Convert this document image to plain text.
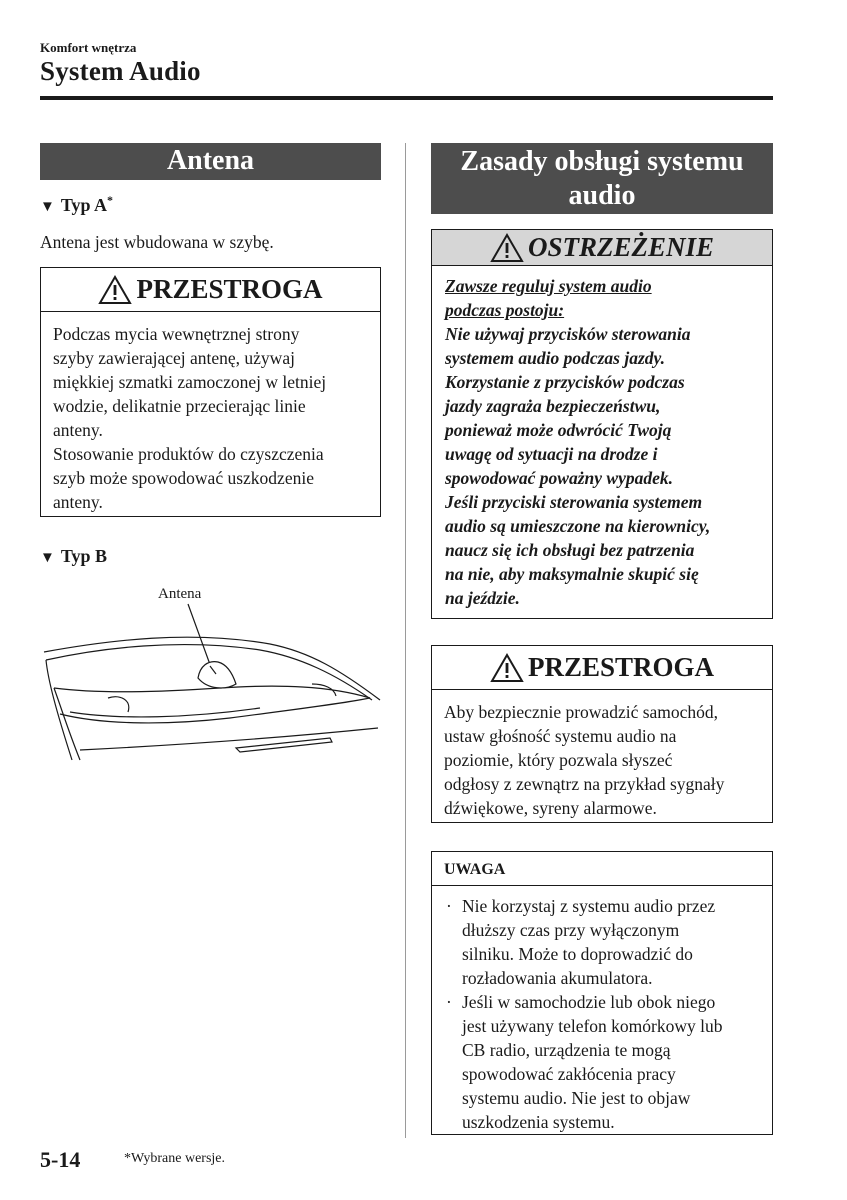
Komfort wnętrza
System Audio
Antena
▼ Typ A*
Antena jest wbudowana w szybę.
PRZESTROGA
Podczas mycia wewnętrznej strony
szyby zawierającej antenę, używaj
miękkiej szmatki zamoczonej w letniej
wodzie, delikatnie przecierając linie
anteny.
Stosowanie produktów do czyszczenia
szyb może spowodować uszkodzenie
anteny.
▼ Typ B
Antena
Zasady obsługi systemu
audio
OSTRZEŻENIE
Zawsze reguluj system audio
podczas postoju:
Nie używaj przycisków sterowania
systemem audio podczas jazdy.
Korzystanie z przycisków podczas
jazdy zagraża bezpieczeństwu,
ponieważ może odwrócić Twoją
uwagę od sytuacji na drodze i
spowodować poważny wypadek.
Jeśli przyciski sterowania systemem
audio są umieszczone na kierownicy,
naucz się ich obsługi bez patrzenia
na nie, aby maksymalnie skupić się
na jeździe.
PRZESTROGA
Aby bezpiecznie prowadzić samochód,
ustaw głośność systemu audio na
poziomie, który pozwala słyszeć
odgłosy z zewnątrz na przykład sygnały
dźwiękowe, syreny alarmowe.
UWAGA
· Nie korzystaj z systemu audio przez
dłuższy czas przy wyłączonym
silniku. Może to doprowadzić do
rozładowania akumulatora.
· Jeśli w samochodzie lub obok niego
jest używany telefon komórkowy lub
CB radio, urządzenia te mogą
spowodować zakłócenia pracy
systemu audio. Nie jest to objaw
uszkodzenia systemu.
5-14	*Wybrane wersje.
